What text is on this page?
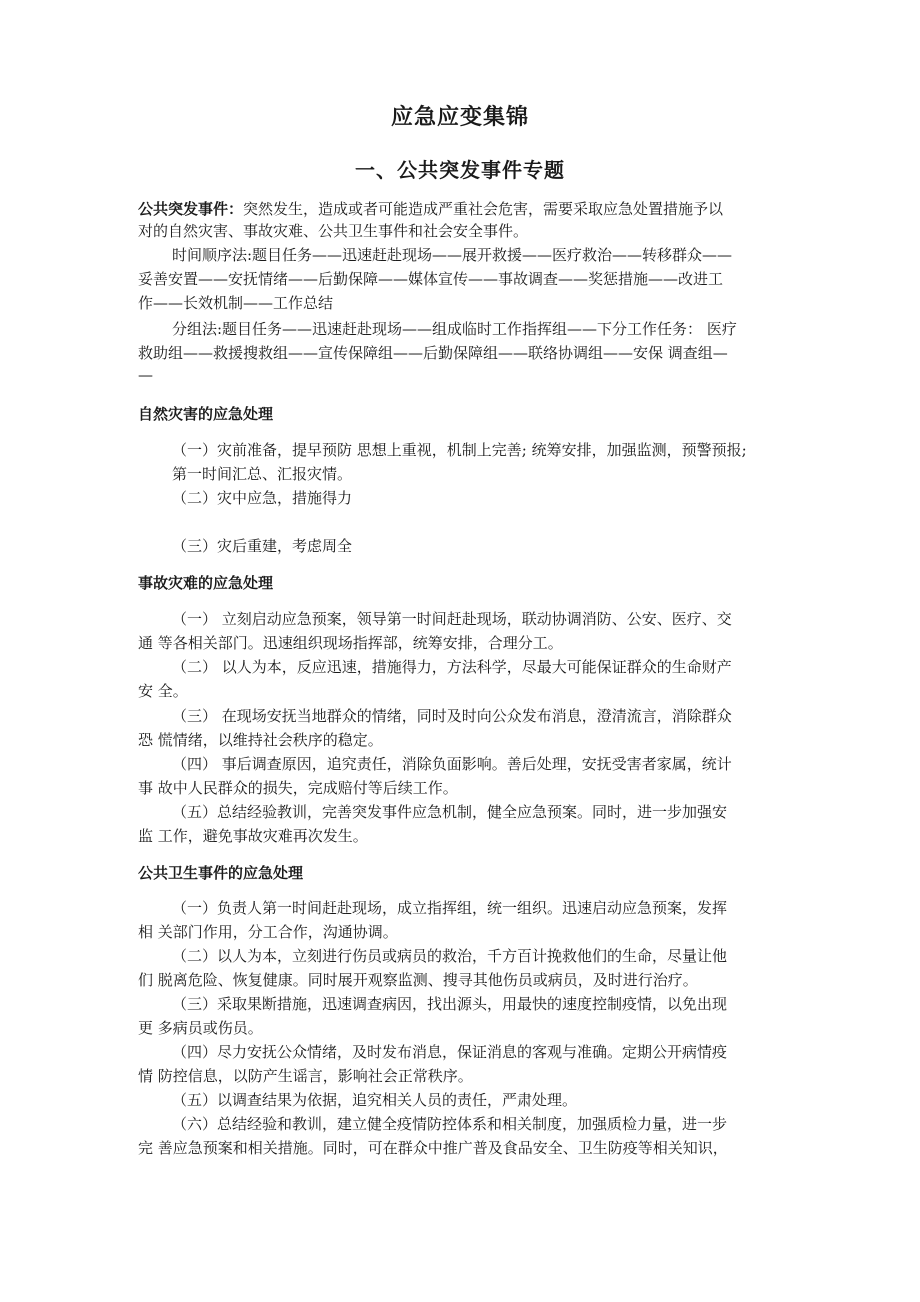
应急应变集锦
一、公共突发事件专题
公共突发事件：突然发生，造成或者可能造成严重社会危害，需要采取应急处置措施予以
对的自然灾害、事故灾难、公共卫生事件和社会安全事件。
时间顺序法:题目任务——迅速赶赴现场——展开救援——医疗救治——转移群众——
妥善安置——安抚情绪——后勤保障——媒体宣传——事故调查——奖惩措施——改进工
作——长效机制——工作总结
分组法:题目任务——迅速赶赴现场——组成临时工作指挥组——下分工作任务： 医疗
救助组——救援搜救组——宣传保障组——后勤保障组——联络协调组——安保 调查组—
—
自然灾害的应急处理
（一）灾前准备，提早预防 思想上重视，机制上完善; 统筹安排，加强监测，预警预报;
第一时间汇总、汇报灾情。
（二）灾中应急，措施得力
（三）灾后重建，考虑周全
事故灾难的应急处理
（一） 立刻启动应急预案，领导第一时间赶赴现场，联动协调消防、公安、医疗、交
通 等各相关部门。迅速组织现场指挥部，统筹安排，合理分工。
（二） 以人为本，反应迅速，措施得力，方法科学，尽最大可能保证群众的生命财产
安 全。
（三） 在现场安抚当地群众的情绪，同时及时向公众发布消息，澄清流言，消除群众
恐 慌情绪，以维持社会秩序的稳定。
（四） 事后调查原因，追究责任，消除负面影响。善后处理，安抚受害者家属，统计
事 故中人民群众的损失，完成赔付等后续工作。
（五）总结经验教训，完善突发事件应急机制，健全应急预案。同时，进一步加强安
监 工作，避免事故灾难再次发生。
公共卫生事件的应急处理
（一）负责人第一时间赶赴现场，成立指挥组，统一组织。迅速启动应急预案，发挥
相 关部门作用，分工合作，沟通协调。
（二）以人为本，立刻进行伤员或病员的救治，千方百计挽救他们的生命，尽量让他
们 脱离危险、恢复健康。同时展开观察监测、搜寻其他伤员或病员，及时进行治疗。
（三）采取果断措施，迅速调查病因，找出源头，用最快的速度控制疫情，以免出现
更 多病员或伤员。
（四）尽力安抚公众情绪，及时发布消息，保证消息的客观与准确。定期公开病情疫
情 防控信息，以防产生谣言，影响社会正常秩序。
（五）以调查结果为依据，追究相关人员的责任，严肃处理。
（六）总结经验和教训，建立健全疫情防控体系和相关制度，加强质检力量，进一步
完 善应急预案和相关措施。同时，可在群众中推广普及食品安全、卫生防疫等相关知识，
